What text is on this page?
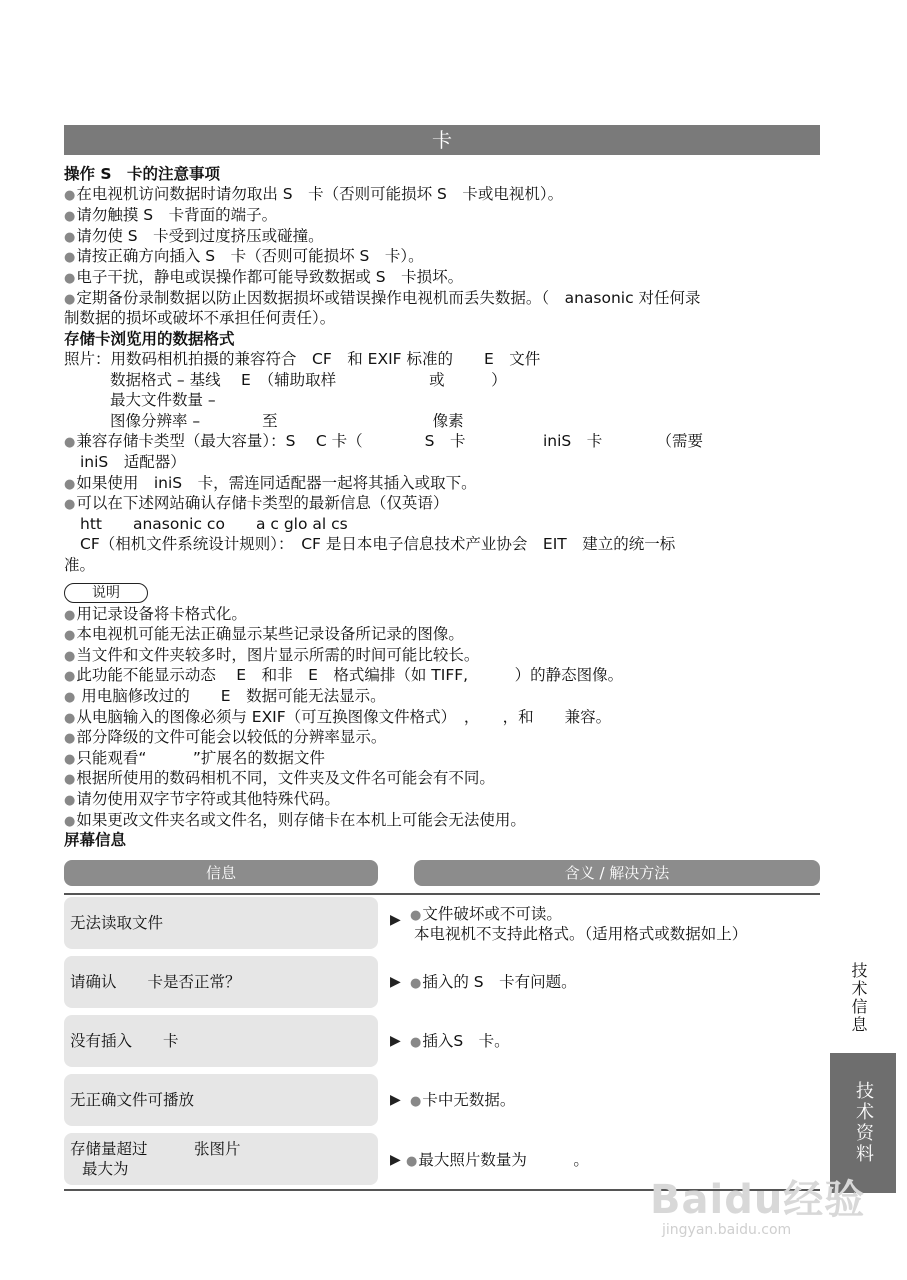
卡
操作 S　卡的注意事项
● 在电视机访问数据时请勿取出 S　卡（否则可能损坏 S　卡或电视机）。
● 请勿触摸 S　卡背面的端子。
● 请勿使 S　卡受到过度挤压或碰撞。
● 请按正确方向插入 S　卡（否则可能损坏 S　卡）。
● 电子干扰，静电或误操作都可能导致数据或 S　卡损坏。
● 定期备份录制数据以防止因数据损坏或错误操作电视机而丢失数据。（　anasonic 对任何录
制数据的损坏或破坏不承担任何责任）。
存储卡浏览用的数据格式
照片：用数码相机拍摄的兼容符合　CF　和 EXIF 标准的　　E　文件
数据格式 – 基线　 E　（辅助取样　　　　　　或　　　）
最大文件数量 –
图像分辨率 –　　　　至　　　　　　　　　　像素
● 兼容存储卡类型（最大容量）：S　 C 卡（　　　　S　卡　　　　　iniS　卡　　　　（需要
iniS　适配器）
● 如果使用　iniS　卡，需连同适配器一起将其插入或取下。
● 可以在下述网站确认存储卡类型的最新信息（仅英语）
htt　　anasonic co　　a c glo al cs
CF（相机文件系统设计规则）：　CF 是日本电子信息技术产业协会　EIT　建立的统一标
准。
说明
● 用记录设备将卡格式化。
● 本电视机可能无法正确显示某些记录设备所记录的图像。
● 当文件和文件夹较多时，图片显示所需的时间可能比较长。
● 此功能不能显示动态　 E　和非　E　格式编排（如 TIFF,　　　）的静态图像。
● 用电脑修改过的　　E　数据可能无法显示。
● 从电脑输入的图像必须与 EXIF（可互换图像文件格式）　，　　，和　　兼容。
● 部分降级的文件可能会以较低的分辨率显示。
● 只能观看“　　　”扩展名的数据文件
● 根据所使用的数码相机不同，文件夹及文件名可能会有不同。
● 请勿使用双字节字符或其他特殊代码。
● 如果更改文件夹名或文件名，则存储卡在本机上可能会无法使用。
屏幕信息
信息	含义 / 解决方法
无法读取文件	▶	● 文件破坏或不可读。
本电视机不支持此格式。（适用格式或数据如上）
请确认　　卡是否正常？	▶	● 插入的 S　卡有问题。
没有插入　　卡	▶	● 插入S　卡。
无正确文件可播放	▶	● 卡中无数据。
存储量超过　　　张图片
最大为	▶	● 最大照片数量为　　　。
技术信息
技术资料
Baidu经验
jingyan.baidu.com
